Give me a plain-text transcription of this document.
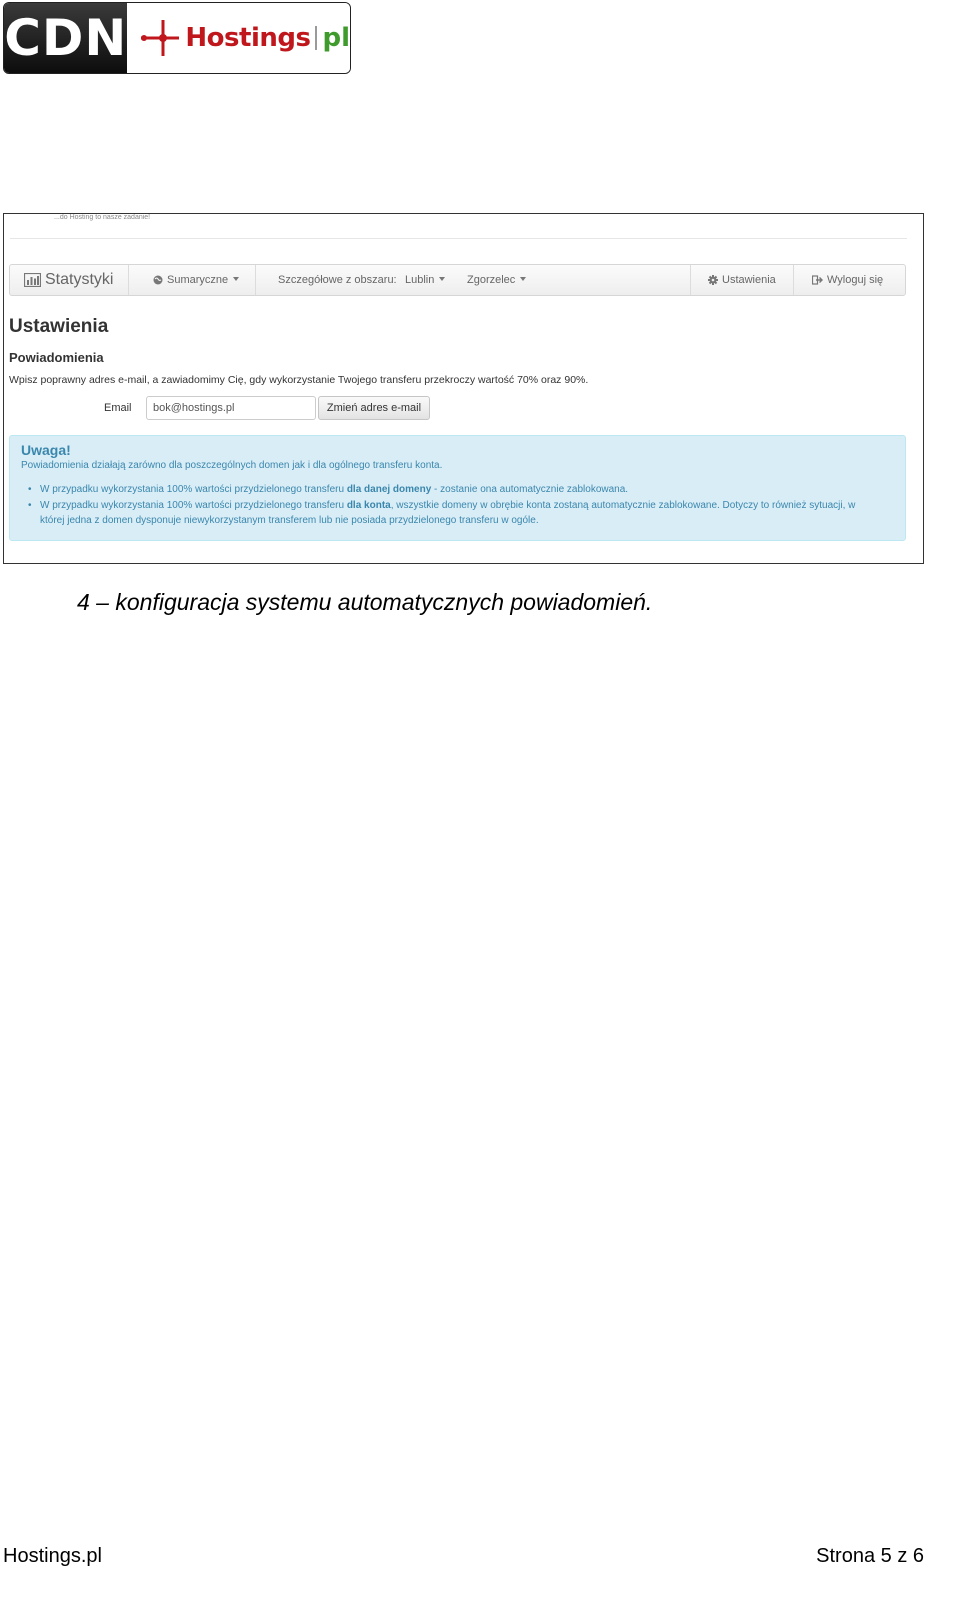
CDN Hostings pl
...do Hosting to nasze zadanie!
Statystyki	Sumaryczne	Szczegółowe z obszaru: Lublin	Zgorzelec	Ustawienia	Wyloguj się
Ustawienia
Powiadomienia
Wpisz poprawny adres e-mail, a zawiadomimy Cię, gdy wykorzystanie Twojego transferu przekroczy wartość 70% oraz 90%.
Email
bok@hostings.pl	Zmień adres e-mail
Uwaga!
Powiadomienia działają zarówno dla poszczególnych domen jak i dla ogólnego transferu konta.
• W przypadku wykorzystania 100% wartości przydzielonego transferu dla danej domeny - zostanie ona automatycznie zablokowana.
• W przypadku wykorzystania 100% wartości przydzielonego transferu dla konta, wszystkie domeny w obrębie konta zostaną automatycznie zablokowane. Dotyczy to również sytuacji, w której jedna z domen dysponuje niewykorzystanym transferem lub nie posiada przydzielonego transferu w ogóle.
4 – konfiguracja systemu automatycznych powiadomień.
Hostings.pl	Strona 5 z 6
